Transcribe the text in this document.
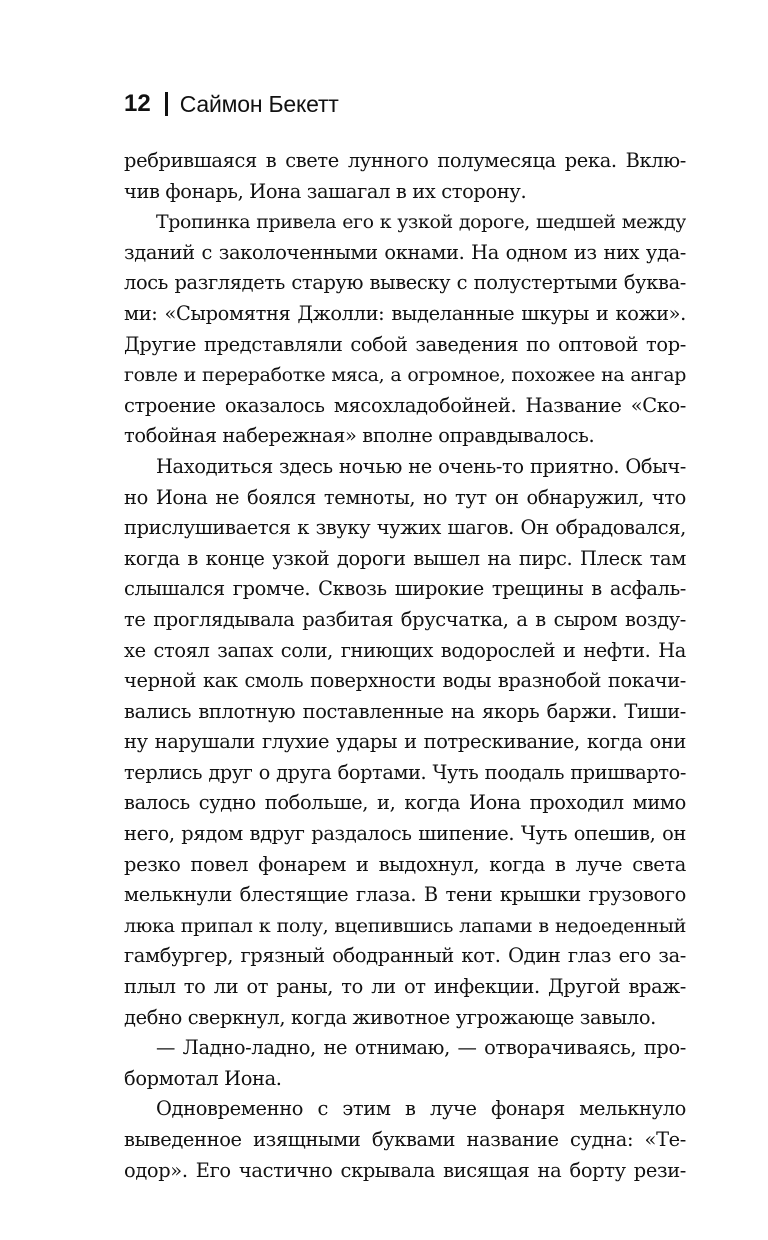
12 Саймон Бекетт
ребрившаяся в свете лунного полумесяца река. Вклю-
чив фонарь, Иона зашагал в их сторону.
Тропинка привела его к узкой дороге, шедшей между
зданий с заколоченными окнами. На одном из них уда-
лось разглядеть старую вывеску с полустертыми буква-
ми: «Сыромятня Джолли: выделанные шкуры и кожи».
Другие представляли собой заведения по оптовой тор-
говле и переработке мяса, а огромное, похожее на ангар
строение оказалось мясохладобойней. Название «Ско-
тобойная набережная» вполне оправдывалось.
Находиться здесь ночью не очень-то приятно. Обыч-
но Иона не боялся темноты, но тут он обнаружил, что
прислушивается к звуку чужих шагов. Он обрадовался,
когда в конце узкой дороги вышел на пирс. Плеск там
слышался громче. Сквозь широкие трещины в асфаль-
те проглядывала разбитая брусчатка, а в сыром возду-
хе стоял запах соли, гниющих водорослей и нефти. На
черной как смоль поверхности воды вразнобой покачи-
вались вплотную поставленные на якорь баржи. Тиши-
ну нарушали глухие удары и потрескивание, когда они
терлись друг о друга бортами. Чуть поодаль пришварто-
валось судно побольше, и, когда Иона проходил мимо
него, рядом вдруг раздалось шипение. Чуть опешив, он
резко повел фонарем и выдохнул, когда в луче света
мелькнули блестящие глаза. В тени крышки грузового
люка припал к полу, вцепившись лапами в недоеденный
гамбургер, грязный ободранный кот. Один глаз его за-
плыл то ли от раны, то ли от инфекции. Другой враж-
дебно сверкнул, когда животное угрожающе завыло.
— Ладно-ладно, не отнимаю, — отворачиваясь, про-
бормотал Иона.
Одновременно с этим в луче фонаря мелькнуло
выведенное изящными буквами название судна: «Те-
одор». Его частично скрывала висящая на борту рези-
